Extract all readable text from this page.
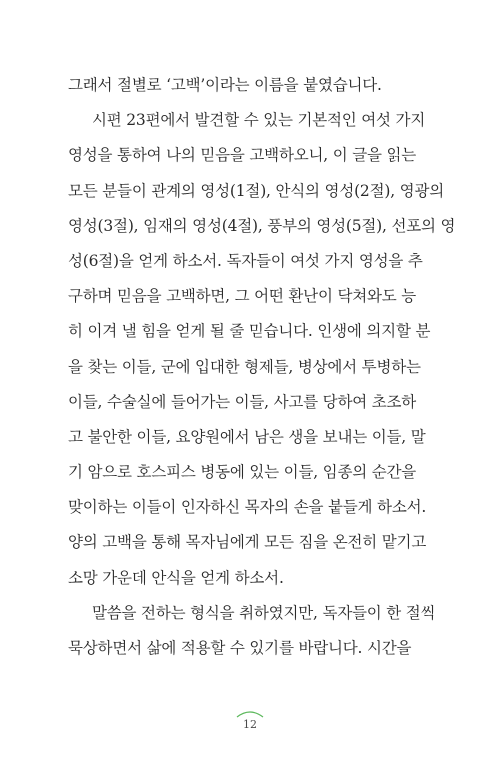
그래서 절별로 ‘고백’이라는 이름을 붙였습니다.
시편 23편에서 발견할 수 있는 기본적인 여섯 가지
영성을 통하여 나의 믿음을 고백하오니, 이 글을 읽는
모든 분들이 관계의 영성(1절), 안식의 영성(2절), 영광의
영성(3절), 임재의 영성(4절), 풍부의 영성(5절), 선포의 영
성(6절)을 얻게 하소서. 독자들이 여섯 가지 영성을 추
구하며 믿음을 고백하면, 그 어떤 환난이 닥쳐와도 능
히 이겨 낼 힘을 얻게 될 줄 믿습니다. 인생에 의지할 분
을 찾는 이들, 군에 입대한 형제들, 병상에서 투병하는
이들, 수술실에 들어가는 이들, 사고를 당하여 초조하
고 불안한 이들, 요양원에서 남은 생을 보내는 이들, 말
기 암으로 호스피스 병동에 있는 이들, 임종의 순간을
맞이하는 이들이 인자하신 목자의 손을 붙들게 하소서.
양의 고백을 통해 목자님에게 모든 짐을 온전히 맡기고
소망 가운데 안식을 얻게 하소서.
말씀을 전하는 형식을 취하였지만, 독자들이 한 절씩
묵상하면서 삶에 적용할 수 있기를 바랍니다. 시간을
12
